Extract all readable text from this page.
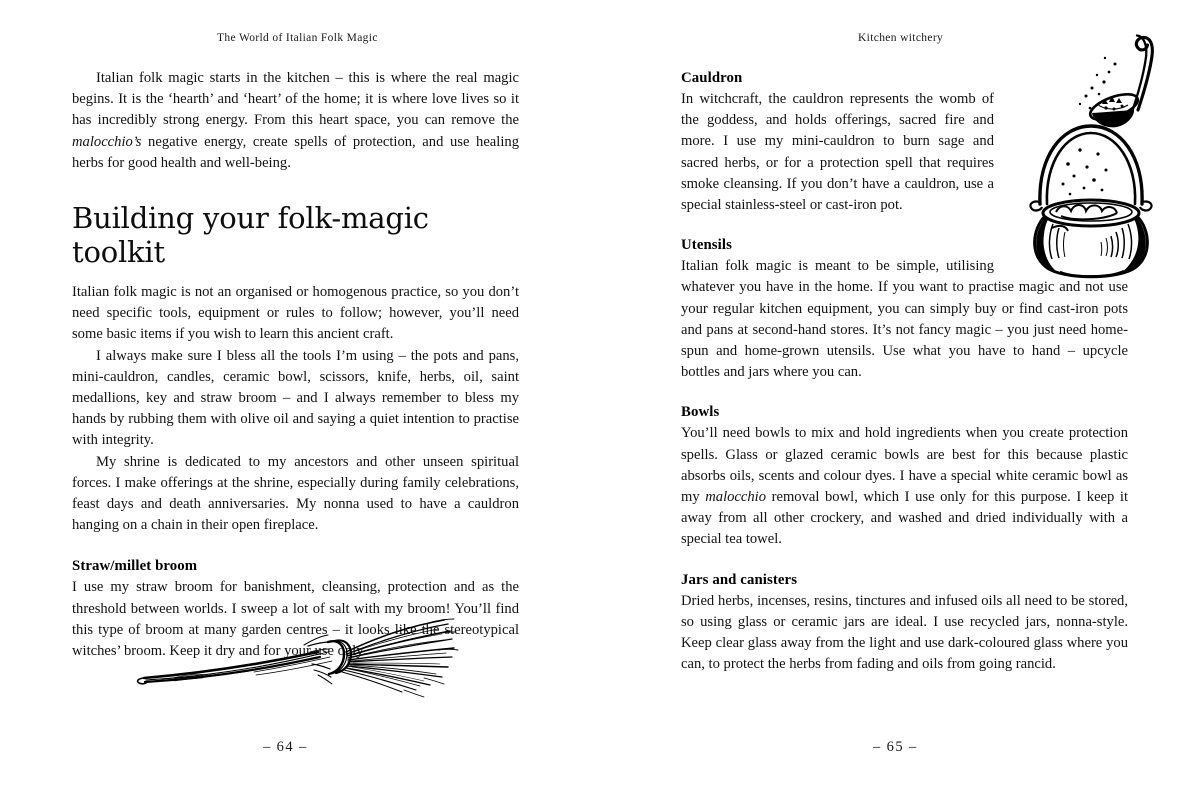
The World of Italian Folk Magic

Italian folk magic starts in the kitchen – this is where the real magic begins. It is the ‘hearth’ and ‘heart’ of the home; it is where love lives so it has incredibly strong energy. From this heart space, you can remove the malocchio’s negative energy, create spells of protection, and use healing herbs for good health and well-being.

Building your folk-magic toolkit

Italian folk magic is not an organised or homogenous practice, so you don’t need specific tools, equipment or rules to follow; however, you’ll need some basic items if you wish to learn this ancient craft.

I always make sure I bless all the tools I’m using – the pots and pans, mini-cauldron, candles, ceramic bowl, scissors, knife, herbs, oil, saint medallions, key and straw broom – and I always remember to bless my hands by rubbing them with olive oil and saying a quiet intention to practise with integrity.

My shrine is dedicated to my ancestors and other unseen spiritual forces. I make offerings at the shrine, especially during family celebrations, feast days and death anniversaries. My nonna used to have a cauldron hanging on a chain in their open fireplace.

Straw/millet broom

I use my straw broom for banishment, cleansing, protection and as the threshold between worlds. I sweep a lot of salt with my broom! You’ll find this type of broom at many garden centres – it looks like the stereotypical witches’ broom. Keep it dry and for your use only.

– 64 –
Kitchen witchery
Cauldron

In witchcraft, the cauldron represents the womb of the goddess, and holds offerings, sacred fire and more. I use my mini-cauldron to burn sage and sacred herbs, or for a protection spell that requires smoke cleansing. If you don’t have a cauldron, use a special stainless-steel or cast-iron pot.

Utensils

Italian folk magic is meant to be simple, utilising whatever you have in the home. If you want to practise magic and not use your regular kitchen equipment, you can simply buy or find cast-iron pots and pans at second-hand stores. It’s not fancy magic – you just need home-spun and home-grown utensils. Use what you have to hand – upcycle bottles and jars where you can.

Bowls

You’ll need bowls to mix and hold ingredients when you create protection spells. Glass or glazed ceramic bowls are best for this because plastic absorbs oils, scents and colour dyes. I have a special white ceramic bowl as my malocchio removal bowl, which I use only for this purpose. I keep it away from all other crockery, and washed and dried individually with a special tea towel.

Jars and canisters

Dried herbs, incenses, resins, tinctures and infused oils all need to be stored, so using glass or ceramic jars are ideal. I use recycled jars, nonna-style. Keep clear glass away from the light and use dark-coloured glass where you can, to protect the herbs from fading and oils from going rancid.

– 65 –
